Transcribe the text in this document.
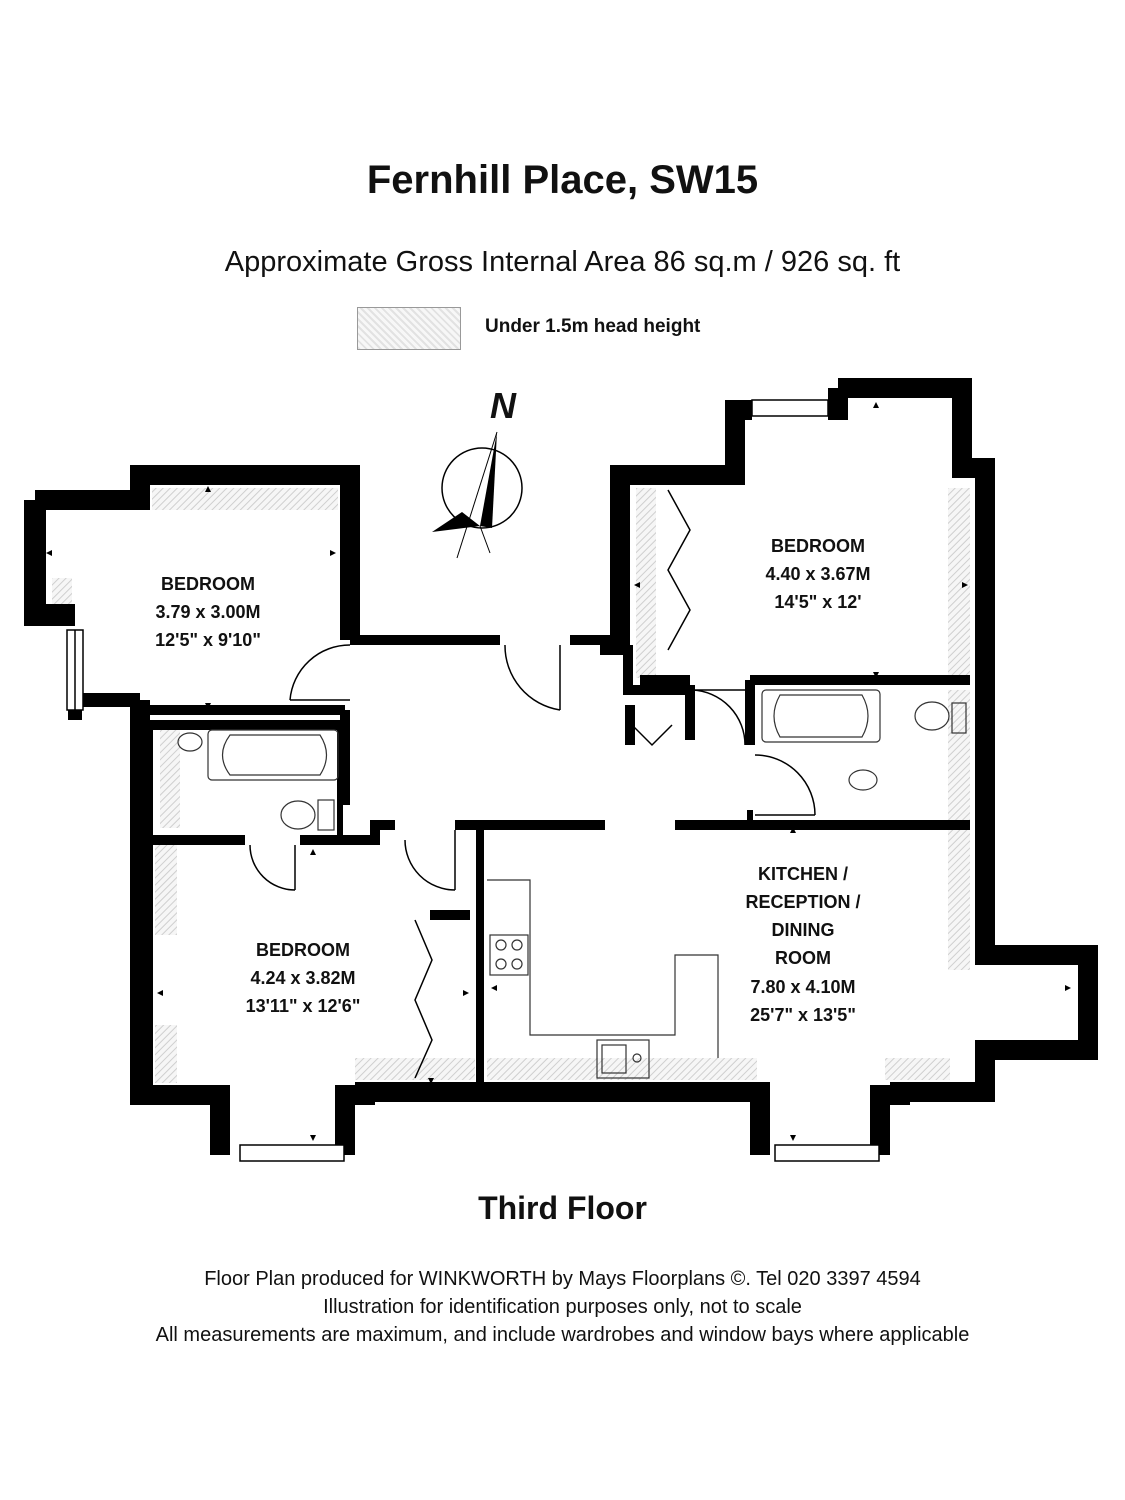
Fernhill Place, SW15
Approximate Gross Internal Area 86 sq.m / 926 sq. ft
Under 1.5m head height
N
BEDROOM
3.79 x 3.00M
12'5" x 9'10"
BEDROOM
4.40 x 3.67M
14'5" x 12'
BEDROOM
4.24 x 3.82M
13'11" x 12'6"
KITCHEN /
RECEPTION /
DINING
ROOM
7.80 x 4.10M
25'7" x 13'5"
Third Floor
Floor Plan produced for WINKWORTH by Mays Floorplans ©. Tel 020 3397 4594
Illustration for identification purposes only, not to scale
All measurements are maximum, and include wardrobes and window bays where applicable
